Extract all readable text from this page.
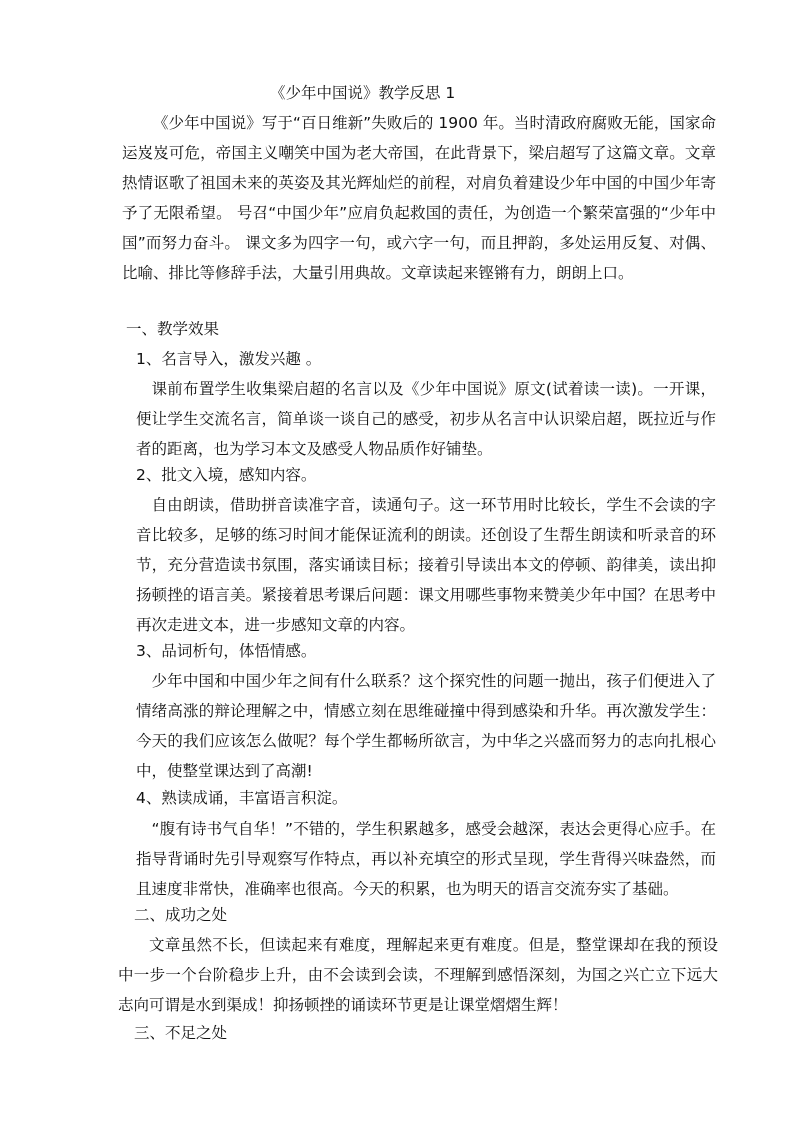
《少年中国说》教学反思 1
《少年中国说》写于“百日维新”失败后的 1900 年。当时清政府腐败无能，国家命运岌岌可危，帝国主义嘲笑中国为老大帝国，在此背景下，梁启超写了这篇文章。文章热情讴歌了祖国未来的英姿及其光辉灿烂的前程，对肩负着建设少年中国的中国少年寄予了无限希望。 号召“中国少年”应肩负起救国的责任，为创造一个繁荣富强的“少年中国”而努力奋斗。 课文多为四字一句，或六字一句，而且押韵，多处运用反复、对偶、比喻、排比等修辞手法，大量引用典故。文章读起来铿锵有力，朗朗上口。
一、教学效果
1、名言导入，激发兴趣 。
课前布置学生收集梁启超的名言以及《少年中国说》原文(试着读一读)。一开课，便让学生交流名言，简单谈一谈自己的感受，初步从名言中认识梁启超，既拉近与作者的距离，也为学习本文及感受人物品质作好铺垫。
2、批文入境，感知内容。
自由朗读，借助拼音读准字音，读通句子。这一环节用时比较长，学生不会读的字音比较多，足够的练习时间才能保证流利的朗读。还创设了生帮生朗读和听录音的环节，充分营造读书氛围，落实诵读目标；接着引导读出本文的停顿、韵律美，读出抑扬顿挫的语言美。紧接着思考课后问题：课文用哪些事物来赞美少年中国？在思考中再次走进文本，进一步感知文章的内容。
3、品词析句，体悟情感。
少年中国和中国少年之间有什么联系？这个探究性的问题一抛出，孩子们便进入了情绪高涨的辩论理解之中，情感立刻在思维碰撞中得到感染和升华。再次激发学生：今天的我们应该怎么做呢？每个学生都畅所欲言，为中华之兴盛而努力的志向扎根心中，使整堂课达到了高潮!
4、熟读成诵，丰富语言积淀。
“腹有诗书气自华！”不错的，学生积累越多，感受会越深，表达会更得心应手。在指导背诵时先引导观察写作特点，再以补充填空的形式呈现，学生背得兴味盎然，而且速度非常快，准确率也很高。今天的积累，也为明天的语言交流夯实了基础。
二、成功之处
文章虽然不长，但读起来有难度，理解起来更有难度。但是，整堂课却在我的预设中一步一个台阶稳步上升，由不会读到会读，不理解到感悟深刻，为国之兴亡立下远大志向可谓是水到渠成！抑扬顿挫的诵读环节更是让课堂熠熠生辉！
三、不足之处
